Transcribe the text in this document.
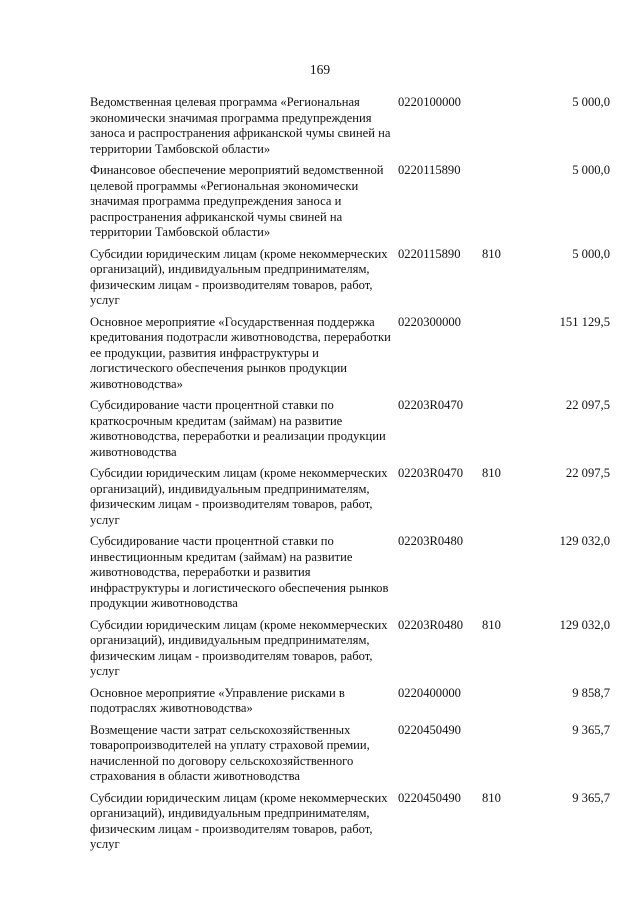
169
Ведомственная целевая программа «Региональная экономически значимая программа предупреждения заноса и распространения африканской чумы свиней на территории Тамбовской области»
0220100000	5 000,0
Финансовое обеспечение мероприятий ведомственной целевой программы «Региональная экономически значимая программа предупреждения заноса и распространения африканской чумы свиней на территории Тамбовской области»
0220115890	5 000,0
Субсидии юридическим лицам (кроме некоммерческих организаций), индивидуальным предпринимателям, физическим лицам - производителям товаров, работ, услуг
0220115890	810	5 000,0
Основное мероприятие «Государственная поддержка кредитования подотрасли животноводства, переработки ее продукции, развития инфраструктуры и логистического обеспечения рынков продукции животноводства»
0220300000	151 129,5
Субсидирование части процентной ставки по краткосрочным кредитам (займам) на развитие животноводства, переработки и реализации продукции животноводства
02203R0470	22 097,5
Субсидии юридическим лицам (кроме некоммерческих организаций), индивидуальным предпринимателям, физическим лицам - производителям товаров, работ, услуг
02203R0470	810	22 097,5
Субсидирование части процентной ставки по инвестиционным кредитам (займам) на развитие животноводства, переработки и развития инфраструктуры и логистического обеспечения рынков продукции животноводства
02203R0480	129 032,0
Субсидии юридическим лицам (кроме некоммерческих организаций), индивидуальным предпринимателям, физическим лицам - производителям товаров, работ, услуг
02203R0480	810	129 032,0
Основное мероприятие «Управление рисками в подотраслях животноводства»
0220400000	9 858,7
Возмещение части затрат сельскохозяйственных товаропроизводителей на уплату страховой премии, начисленной по договору сельскохозяйственного страхования в области животноводства
0220450490	9 365,7
Субсидии юридическим лицам (кроме некоммерческих организаций), индивидуальным предпринимателям, физическим лицам - производителям товаров, работ, услуг
0220450490	810	9 365,7
